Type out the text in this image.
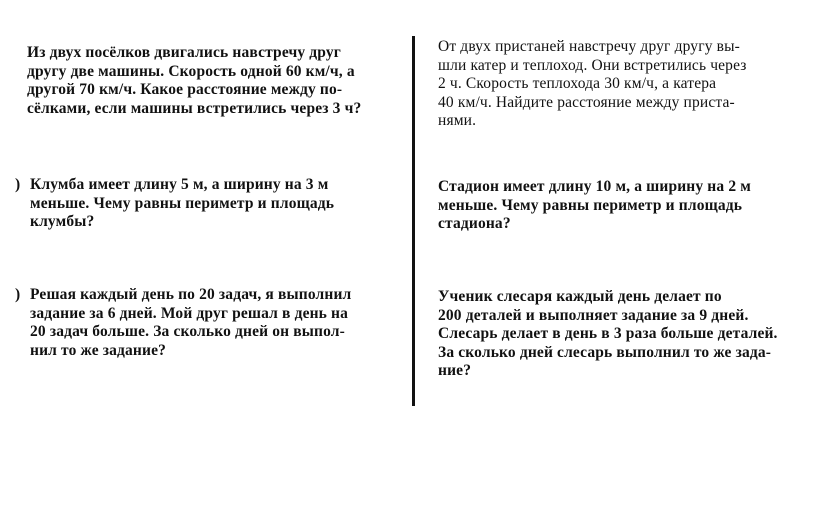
Из двух посёлков двигались навстречу друг
другу две машины. Скорость одной 60 км/ч, а
другой 70 км/ч. Какое расстояние между по-
сёлками, если машины встретились через 3 ч?
) Клумба имеет длину 5 м, а ширину на 3 м
меньше. Чему равны периметр и площадь
клумбы?
) Решая каждый день по 20 задач, я выполнил
задание за 6 дней. Мой друг решал в день на
20 задач больше. За сколько дней он выпол-
нил то же задание?
От двух пристаней навстречу друг другу вы-
шли катер и теплоход. Они встретились через
2 ч. Скорость теплохода 30 км/ч, а катера
40 км/ч. Найдите расстояние между приста-
нями.
Стадион имеет длину 10 м, а ширину на 2 м
меньше. Чему равны периметр и площадь
стадиона?
Ученик слесаря каждый день делает по
200 деталей и выполняет задание за 9 дней.
Слесарь делает в день в 3 раза больше деталей.
За сколько дней слесарь выполнил то же зада-
ние?
